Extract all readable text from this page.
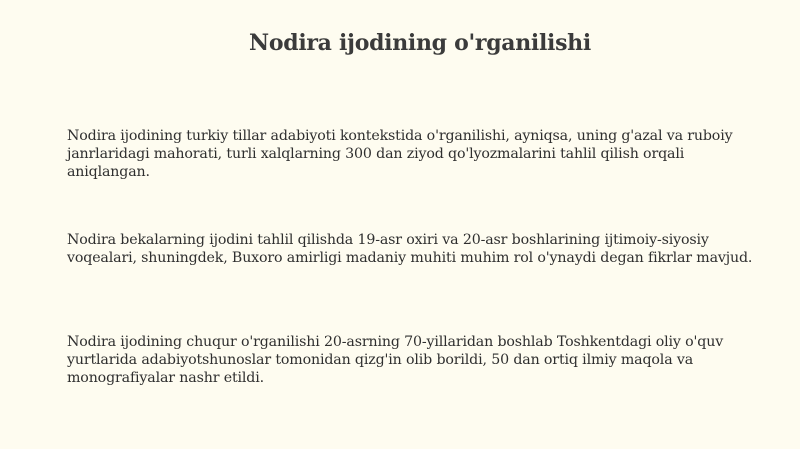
Nodira ijodining o'rganilishi

Nodira ijodining turkiy tillar adabiyoti kontekstida o'rganilishi, ayniqsa, uning g'azal va ruboiy janrlaridagi mahorati, turli xalqlarning 300 dan ziyod qo'lyozmalarini tahlil qilish orqali aniqlangan.

Nodira bekalarning ijodini tahlil qilishda 19-asr oxiri va 20-asr boshlarining ijtimoiy-siyosiy voqealari, shuningdek, Buxoro amirligi madaniy muhiti muhim rol o'ynaydi degan fikrlar mavjud.

Nodira ijodining chuqur o'rganilishi 20-asrning 70-yillaridan boshlab Toshkentdagi oliy o'quv yurtlarida adabiyotshunoslar tomonidan qizg'in olib borildi, 50 dan ortiq ilmiy maqola va monografiyalar nashr etildi.
